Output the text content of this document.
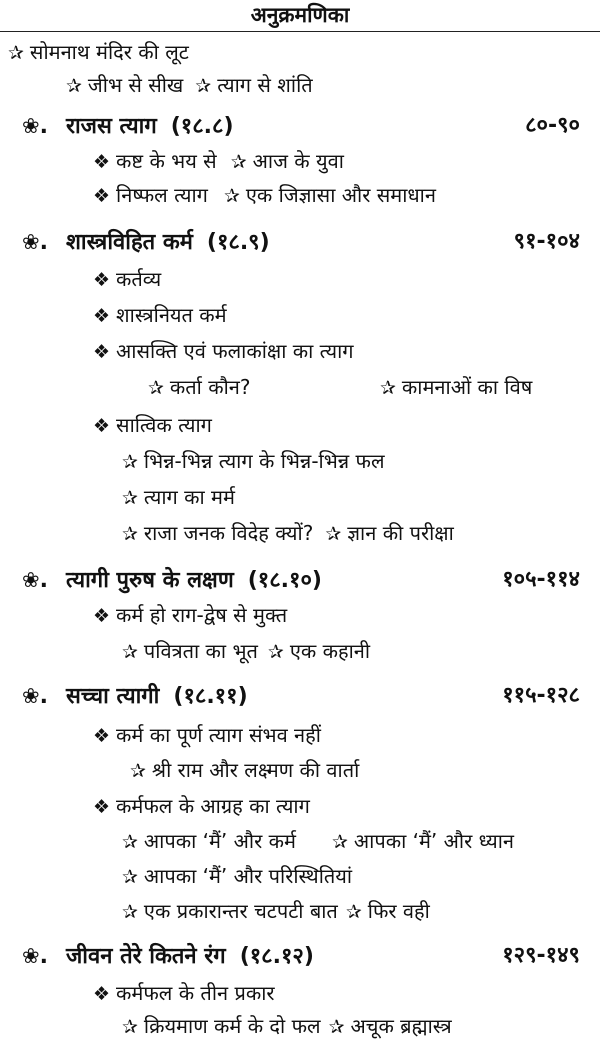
अनुक्रमणिका
✰ सोमनाथ मंदिर की लूट
✰ जीभ से सीख ✰ त्याग से शांति
❀. राजस त्याग (१८.८)	८०-९०
❖ कष्ट के भय से ✰ आज के युवा
❖ निष्फल त्याग ✰ एक जिज्ञासा और समाधान
❀. शास्त्रविहित कर्म (१८.९)	९१-१०४
❖ कर्तव्य
❖ शास्त्रनियत कर्म
❖ आसक्ति एवं फलाकांक्षा का त्याग
✰ कर्ता कौन?	✰ कामनाओं का विष
❖ सात्विक त्याग
✰ भिन्न-भिन्न त्याग के भिन्न-भिन्न फल
✰ त्याग का मर्म
✰ राजा जनक विदेह क्यों? ✰ ज्ञान की परीक्षा
❀. त्यागी पुरुष के लक्षण (१८.१०)	१०५-११४
❖ कर्म हो राग-द्वेष से मुक्त
✰ पवित्रता का भूत ✰ एक कहानी
❀. सच्चा त्यागी (१८.११)	११५-१२८
❖ कर्म का पूर्ण त्याग संभव नहीं
✰ श्री राम और लक्ष्मण की वार्ता
❖ कर्मफल के आग्रह का त्याग
✰ आपका ‘मैं’ और कर्म ✰ आपका ‘मैं’ और ध्यान
✰ आपका ‘मैं’ और परिस्थितियां
✰ एक प्रकारान्तर चटपटी बात ✰ फिर वही
❀. जीवन तेरे कितने रंग (१८.१२)	१२९-१४९
❖ कर्मफल के तीन प्रकार
✰ क्रियमाण कर्म के दो फल ✰ अचूक ब्रह्मास्त्र
